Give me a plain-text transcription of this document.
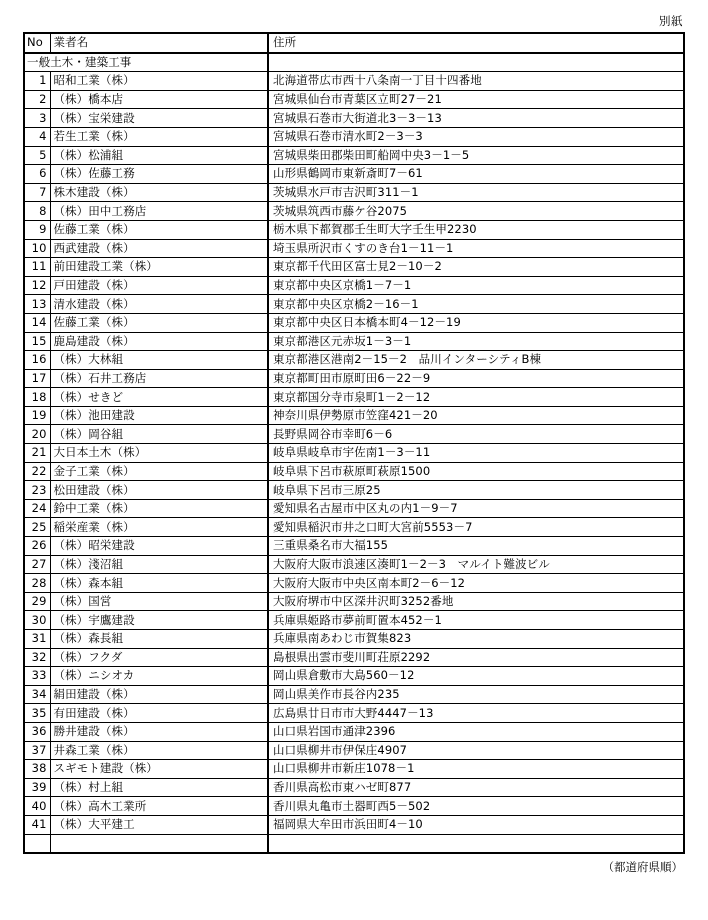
別紙
No	業者名	住所
一般土木・建築工事		
1	昭和工業（株）	北海道帯広市西十八条南一丁目十四番地
2	（株）橋本店	宮城県仙台市青葉区立町27－21
3	（株）宝栄建設	宮城県石巻市大街道北3－3－13
4	若生工業（株）	宮城県石巻市清水町2－3－3
5	（株）松浦組	宮城県柴田郡柴田町船岡中央3－1－5
6	（株）佐藤工務	山形県鶴岡市東新斎町7－61
7	株木建設（株）	茨城県水戸市吉沢町311－1
8	（株）田中工務店	茨城県筑西市藤ケ谷2075
9	佐藤工業（株）	栃木県下都賀郡壬生町大字壬生甲2230
10	西武建設（株）	埼玉県所沢市くすのき台1－11－1
11	前田建設工業（株）	東京都千代田区富士見2－10－2
12	戸田建設（株）	東京都中央区京橋1－7－1
13	清水建設（株）	東京都中央区京橋2－16－1
14	佐藤工業（株）	東京都中央区日本橋本町4－12－19
15	鹿島建設（株）	東京都港区元赤坂1－3－1
16	（株）大林組	東京都港区港南2－15－2　品川インターシティB棟
17	（株）石井工務店	東京都町田市原町田6－22－9
18	（株）せきど	東京都国分寺市泉町1－2－12
19	（株）池田建設	神奈川県伊勢原市笠窪421－20
20	（株）岡谷組	長野県岡谷市幸町6－6
21	大日本土木（株）	岐阜県岐阜市宇佐南1－3－11
22	金子工業（株）	岐阜県下呂市萩原町萩原1500
23	松田建設（株）	岐阜県下呂市三原25
24	鈴中工業（株）	愛知県名古屋市中区丸の内1－9－7
25	稲栄産業（株）	愛知県稲沢市井之口町大宮前5553－7
26	（株）昭栄建設	三重県桑名市大福155
27	（株）淺沼組	大阪府大阪市浪速区湊町1－2－3　マルイト難波ビル
28	（株）森本組	大阪府大阪市中央区南本町2－6－12
29	（株）国営	大阪府堺市中区深井沢町3252番地
30	（株）宇鷹建設	兵庫県姫路市夢前町置本452－1
31	（株）森長組	兵庫県南あわじ市賀集823
32	（株）フクダ	島根県出雲市斐川町荘原2292
33	（株）ニシオカ	岡山県倉敷市大島560－12
34	絹田建設（株）	岡山県美作市長谷内235
35	有田建設（株）	広島県廿日市市大野4447－13
36	勝井建設（株）	山口県岩国市通津2396
37	井森工業（株）	山口県柳井市伊保庄4907
38	スギモト建設（株）	山口県柳井市新庄1078－1
39	（株）村上組	香川県高松市東ハゼ町877
40	（株）高木工業所	香川県丸亀市土器町西5－502
41	（株）大平建工	福岡県大牟田市浜田町4－10

（都道府県順）
